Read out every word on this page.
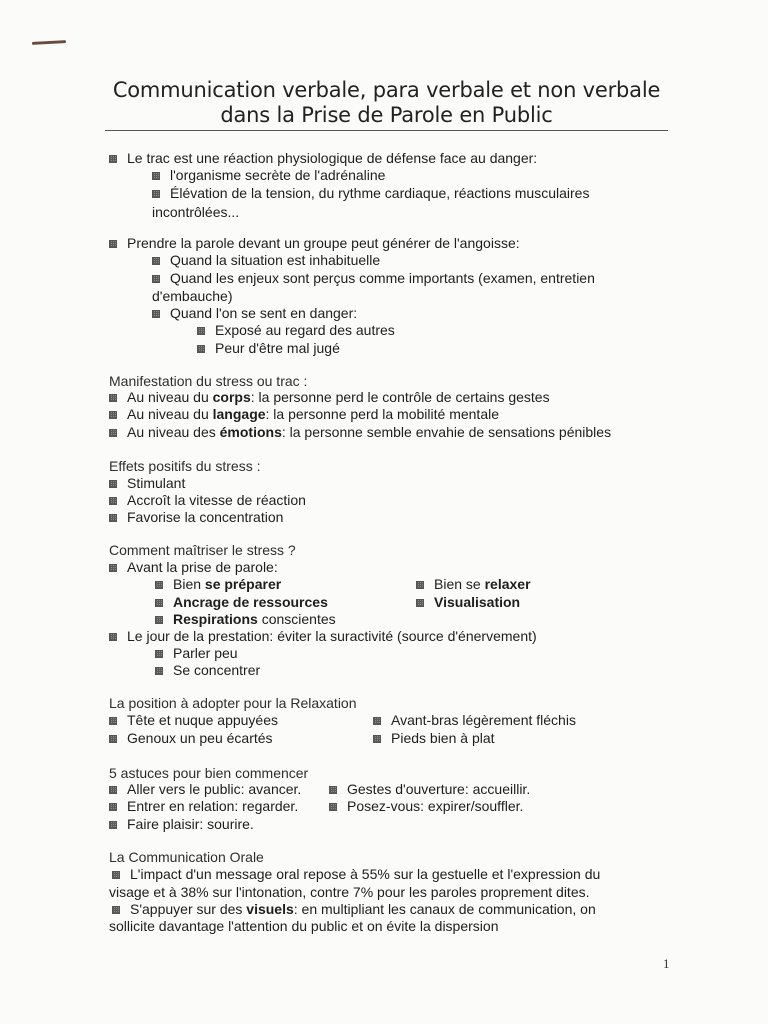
Communication verbale, para verbale et non verbale
dans la Prise de Parole en Public
Le trac est une réaction physiologique de défense face au danger:
l'organisme secrète de l'adrénaline
Élévation de la tension, du rythme cardiaque, réactions musculaires
incontrôlées...
Prendre la parole devant un groupe peut générer de l'angoisse:
Quand la situation est inhabituelle
Quand les enjeux sont perçus comme importants (examen, entretien
d'embauche)
Quand l'on se sent en danger:
Exposé au regard des autres
Peur d'être mal jugé
Manifestation du stress ou trac :
Au niveau du corps: la personne perd le contrôle de certains gestes
Au niveau du langage: la personne perd la mobilité mentale
Au niveau des émotions: la personne semble envahie de sensations pénibles
Effets positifs du stress :
Stimulant
Accroît la vitesse de réaction
Favorise la concentration
Comment maîtriser le stress ?
Avant la prise de parole:
Bien se préparer
Ancrage de ressources
Respirations conscientes
Bien se relaxer
Visualisation
Le jour de la prestation: éviter la suractivité (source d'énervement)
Parler peu
Se concentrer
La position à adopter pour la Relaxation
Tête et nuque appuyées
Genoux un peu écartés
Avant-bras légèrement fléchis
Pieds bien à plat
5 astuces pour bien commencer
Aller vers le public: avancer.
Entrer en relation: regarder.
Faire plaisir: sourire.
Gestes d'ouverture: accueillir.
Posez-vous: expirer/souffler.
La Communication Orale
L'impact d'un message oral repose à 55% sur la gestuelle et l'expression du
visage et à 38% sur l'intonation, contre 7% pour les paroles proprement dites.
S'appuyer sur des visuels: en multipliant les canaux de communication, on
sollicite davantage l'attention du public et on évite la dispersion
1
